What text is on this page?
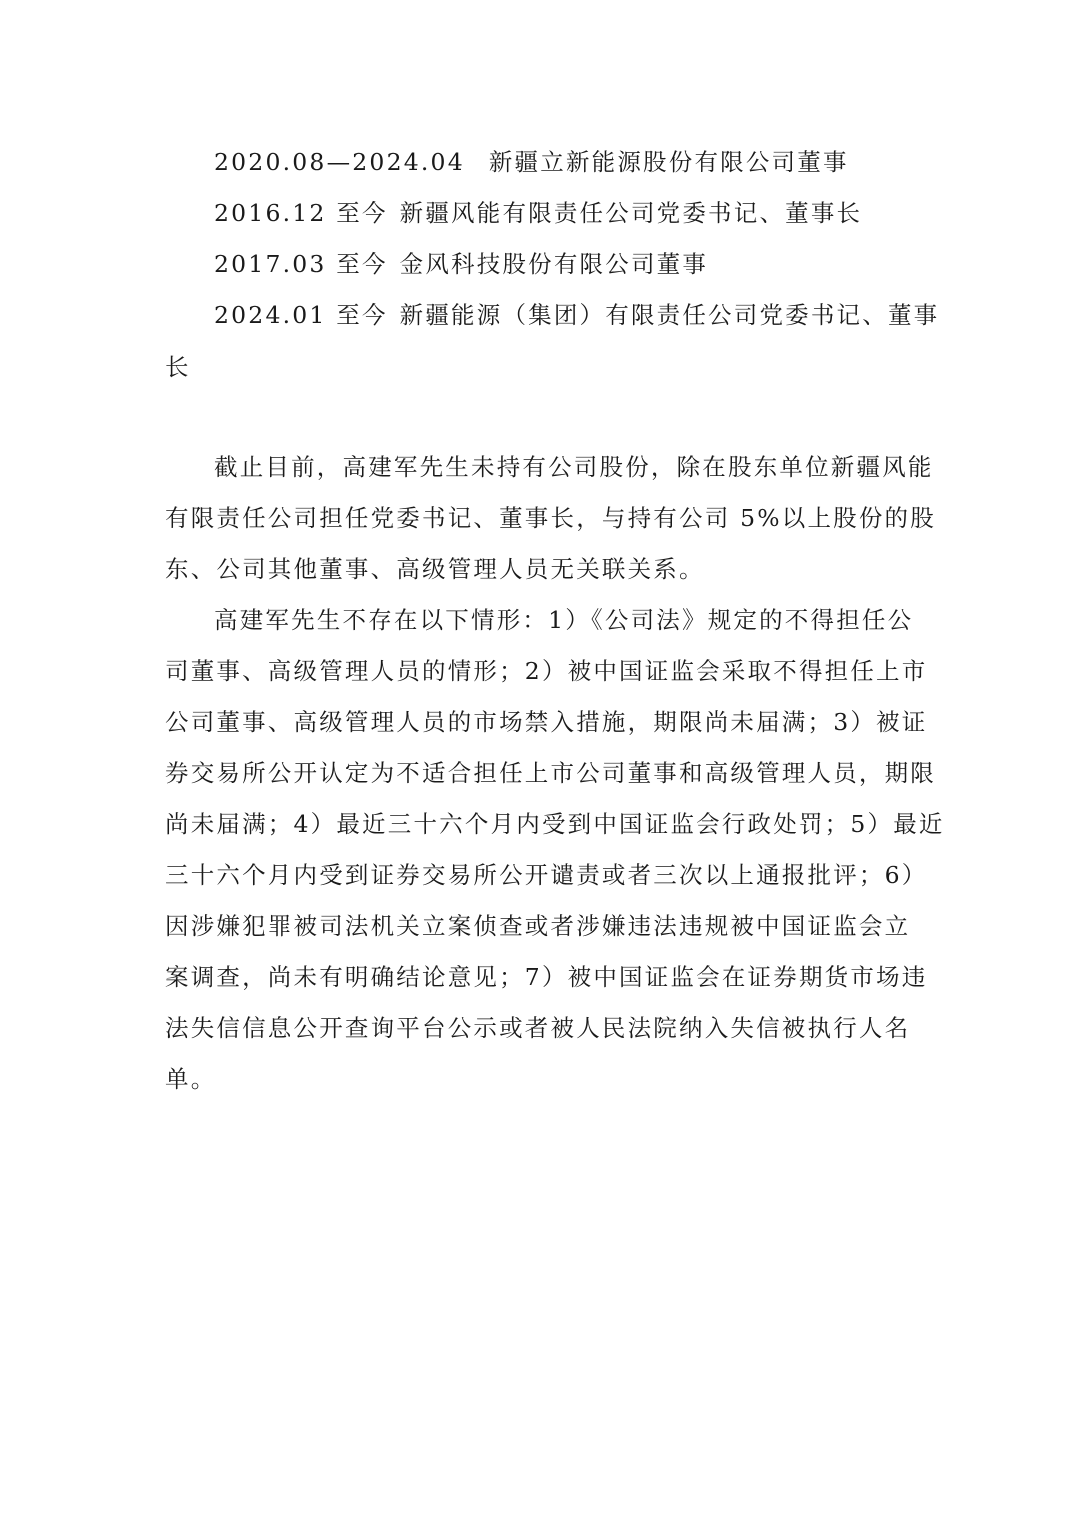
2020.08—2024.04 新疆立新能源股份有限公司董事
2016.12 至今 新疆风能有限责任公司党委书记、董事长
2017.03 至今 金风科技股份有限公司董事
2024.01 至今 新疆能源（集团）有限责任公司党委书记、董事
长
截止目前，高建军先生未持有公司股份，除在股东单位新疆风能
有限责任公司担任党委书记、董事长，与持有公司 5%以上股份的股
东、公司其他董事、高级管理人员无关联关系。
高建军先生不存在以下情形：1）《公司法》规定的不得担任公
司董事、高级管理人员的情形；2）被中国证监会采取不得担任上市
公司董事、高级管理人员的市场禁入措施，期限尚未届满；3）被证
券交易所公开认定为不适合担任上市公司董事和高级管理人员，期限
尚未届满；4）最近三十六个月内受到中国证监会行政处罚；5）最近
三十六个月内受到证券交易所公开谴责或者三次以上通报批评；6）
因涉嫌犯罪被司法机关立案侦查或者涉嫌违法违规被中国证监会立
案调查，尚未有明确结论意见；7）被中国证监会在证券期货市场违
法失信信息公开查询平台公示或者被人民法院纳入失信被执行人名
单。
